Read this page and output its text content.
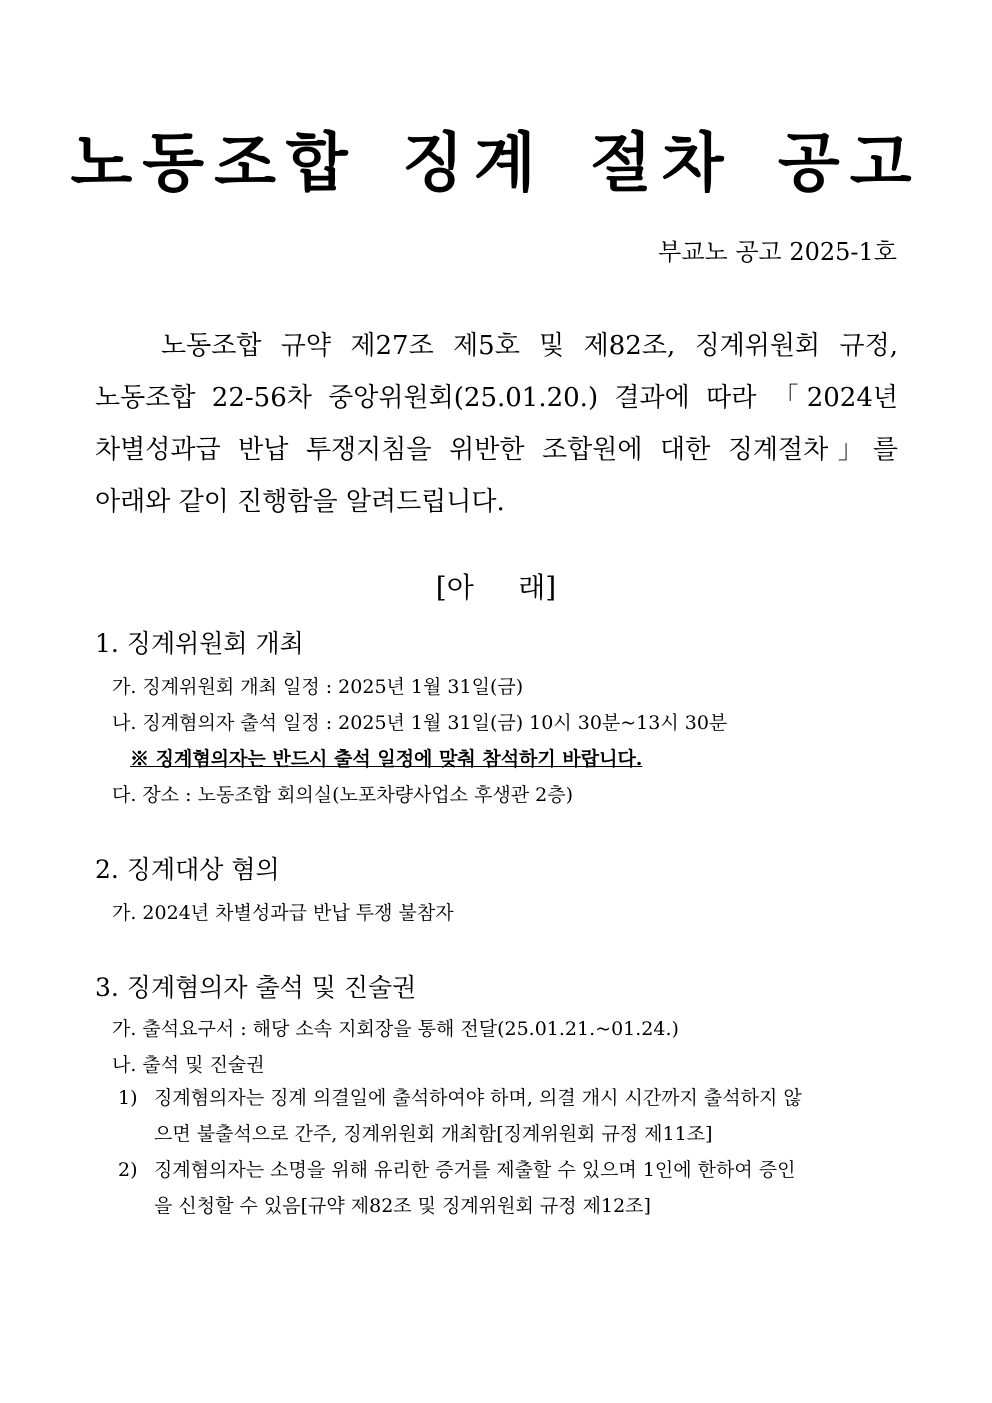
노동조합 징계 절차 공고
부교노 공고 2025-1호
노동조합 규약 제27조 제5호 및 제82조, 징계위원회 규정, 노동조합 22-56차 중앙위원회(25.01.20.) 결과에 따라 「2024년 차별성과급 반납 투쟁지침을 위반한 조합원에 대한 징계절차」를 아래와 같이 진행함을 알려드립니다.
[아     래]
1. 징계위원회 개최
가. 징계위원회 개최 일정 : 2025년 1월 31일(금)
나. 징계혐의자 출석 일정 : 2025년 1월 31일(금) 10시 30분~13시 30분
※ 징계혐의자는 반드시 출석 일정에 맞춰 참석하기 바랍니다.
다. 장소 : 노동조합 회의실(노포차량사업소 후생관 2층)
2. 징계대상 혐의
가. 2024년 차별성과급 반납 투쟁 불참자
3. 징계혐의자 출석 및 진술권
가. 출석요구서 : 해당 소속 지회장을 통해 전달(25.01.21.~01.24.)
나. 출석 및 진술권
1) 징계혐의자는 징계 의결일에 출석하여야 하며, 의결 개시 시간까지 출석하지 않
으면 불출석으로 간주, 징계위원회 개최함[징계위원회 규정 제11조]
2) 징계혐의자는 소명을 위해 유리한 증거를 제출할 수 있으며 1인에 한하여 증인
을 신청할 수 있음[규약 제82조 및 징계위원회 규정 제12조]
